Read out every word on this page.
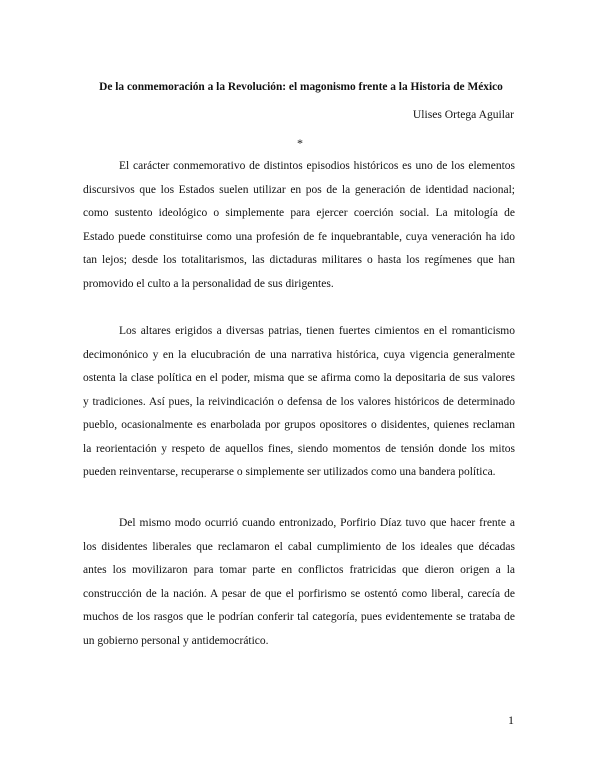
De la conmemoración a la Revolución: el magonismo frente a la Historia de México
Ulises Ortega Aguilar
*
El carácter conmemorativo de distintos episodios históricos es uno de los elementos
discursivos que los Estados suelen utilizar en pos de la generación de identidad nacional;
como sustento ideológico o simplemente para ejercer coerción social. La mitología de
Estado puede constituirse como una profesión de fe inquebrantable, cuya veneración ha ido
tan lejos; desde los totalitarismos, las dictaduras militares o hasta los regímenes que han
promovido el culto a la personalidad de sus dirigentes.
Los altares erigidos a diversas patrias, tienen fuertes cimientos en el romanticismo
decimonónico y en la elucubración de una narrativa histórica, cuya vigencia generalmente
ostenta la clase política en el poder, misma que se afirma como la depositaria de sus valores
y tradiciones. Así pues, la reivindicación o defensa de los valores históricos de determinado
pueblo, ocasionalmente es enarbolada por grupos opositores o disidentes, quienes reclaman
la reorientación y respeto de aquellos fines, siendo momentos de tensión donde los mitos
pueden reinventarse, recuperarse o simplemente ser utilizados como una bandera política.
Del mismo modo ocurrió cuando entronizado, Porfirio Díaz tuvo que hacer frente a
los disidentes liberales que reclamaron el cabal cumplimiento de los ideales que décadas
antes los movilizaron para tomar parte en conflictos fratricidas que dieron origen a la
construcción de la nación. A pesar de que el porfirismo se ostentó como liberal, carecía de
muchos de los rasgos que le podrían conferir tal categoría, pues evidentemente se trataba de
un gobierno personal y antidemocrático.
1
